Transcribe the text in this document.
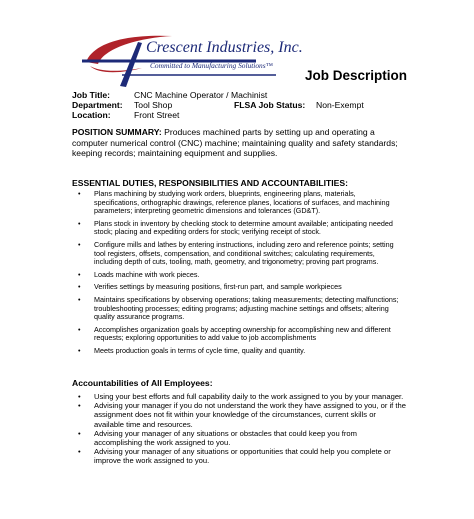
Crescent Industries, Inc.
Committed to Manufacturing Solutions™
Job Description
Job Title:	CNC Machine Operator / Machinist
Department: Tool Shop	FLSA Job Status: Non-Exempt
Location:	Front Street
POSITION SUMMARY: Produces machined parts by setting up and operating a computer numerical control (CNC) machine; maintaining quality and safety standards; keeping records; maintaining equipment and supplies.
ESSENTIAL DUTIES, RESPONSIBILITIES AND ACCOUNTABILITIES:
• Plans machining by studying work orders, blueprints, engineering plans, materials, specifications, orthographic drawings, reference planes, locations of surfaces, and machining parameters; interpreting geometric dimensions and tolerances (GD&T).
• Plans stock in inventory by checking stock to determine amount available; anticipating needed stock; placing and expediting orders for stock; verifying receipt of stock.
• Configure mills and lathes by entering instructions, including zero and reference points; setting tool registers, offsets, compensation, and conditional switches; calculating requirements, including depth of cuts, tooling, math, geometry, and trigonometry; proving part programs.
• Loads machine with work pieces.
• Verifies settings by measuring positions, first-run part, and sample workpieces
• Maintains specifications by observing operations; taking measurements; detecting malfunctions; troubleshooting processes; editing programs; adjusting machine settings and offsets; altering quality assurance programs.
• Accomplishes organization goals by accepting ownership for accomplishing new and different requests; exploring opportunities to add value to job accomplishments
• Meets production goals in terms of cycle time, quality and quantity.
Accountabilities of All Employees:
• Using your best efforts and full capability daily to the work assigned to you by your manager.
• Advising your manager if you do not understand the work they have assigned to you, or if the assignment does not fit within your knowledge of the circumstances, current skills or available time and resources.
• Advising your manager of any situations or obstacles that could keep you from accomplishing the work assigned to you.
• Advising your manager of any situations or opportunities that could help you complete or improve the work assigned to you.
